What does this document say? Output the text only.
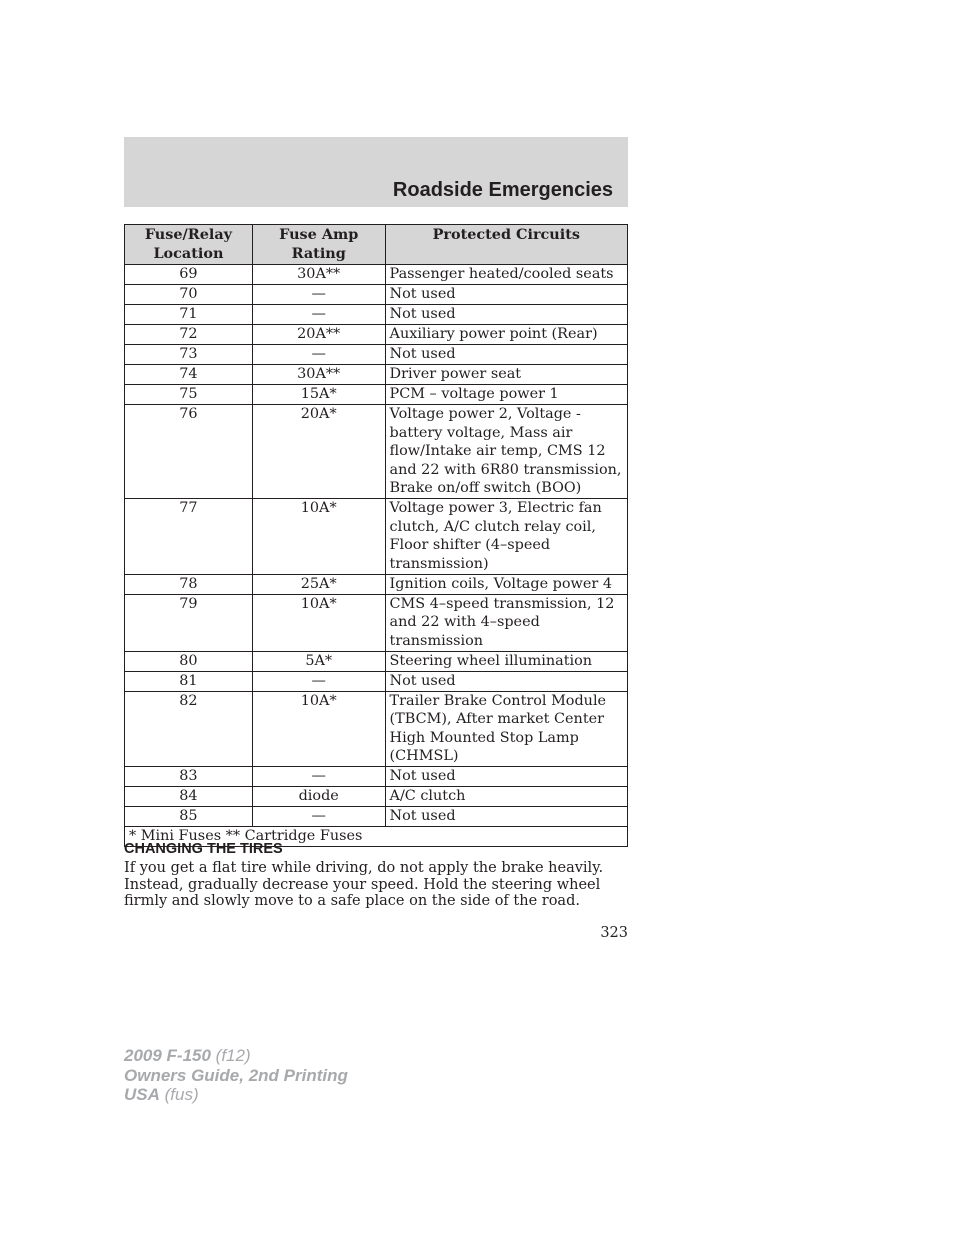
Roadside Emergencies
Fuse/Relay Location	Fuse Amp Rating	Protected Circuits
69	30A**	Passenger heated/cooled seats
70	—	Not used
71	—	Not used
72	20A**	Auxiliary power point (Rear)
73	—	Not used
74	30A**	Driver power seat
75	15A*	PCM – voltage power 1
76	20A*	Voltage power 2, Voltage - battery voltage, Mass air flow/Intake air temp, CMS 12 and 22 with 6R80 transmission, Brake on/off switch (BOO)
77	10A*	Voltage power 3, Electric fan clutch, A/C clutch relay coil, Floor shifter (4–speed transmission)
78	25A*	Ignition coils, Voltage power 4
79	10A*	CMS 4–speed transmission, 12 and 22 with 4–speed transmission
80	5A*	Steering wheel illumination
81	—	Not used
82	10A*	Trailer Brake Control Module (TBCM), After market Center High Mounted Stop Lamp (CHMSL)
83	—	Not used
84	diode	A/C clutch
85	—	Not used
* Mini Fuses ** Cartridge Fuses		
CHANGING THE TIRES
If you get a flat tire while driving, do not apply the brake heavily. Instead, gradually decrease your speed. Hold the steering wheel firmly and slowly move to a safe place on the side of the road.
323
2009 F-150 (f12)
Owners Guide, 2nd Printing
USA (fus)
